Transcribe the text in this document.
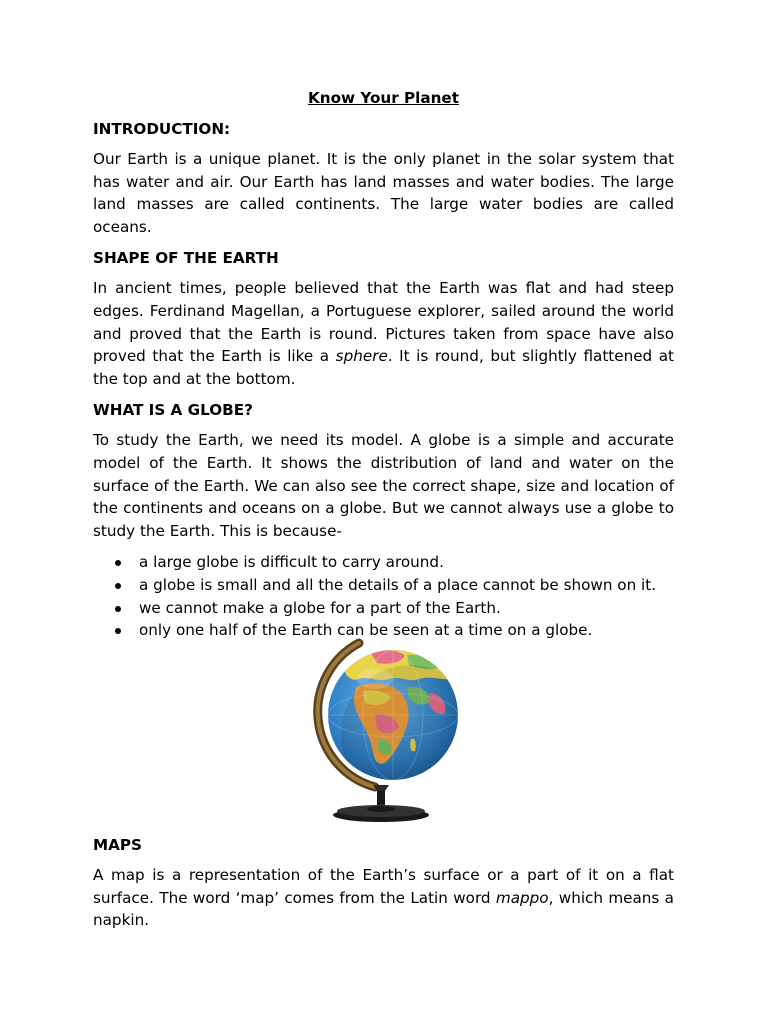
Know Your Planet
INTRODUCTION:
Our Earth is a unique planet. It is the only planet in the solar system that has water and air. Our Earth has land masses and water bodies. The large land masses are called continents. The large water bodies are called oceans.
SHAPE OF THE EARTH
In ancient times, people believed that the Earth was flat and had steep edges. Ferdinand Magellan, a Portuguese explorer, sailed around the world and proved that the Earth is round. Pictures taken from space have also proved that the Earth is like a sphere. It is round, but slightly flattened at the top and at the bottom.
WHAT IS A GLOBE?
To study the Earth, we need its model. A globe is a simple and accurate model of the Earth. It shows the distribution of land and water on the surface of the Earth. We can also see the correct shape, size and location of the continents and oceans on a globe. But we cannot always use a globe to study the Earth. This is because-
a large globe is difficult to carry around.
a globe is small and all the details of a place cannot be shown on it.
we cannot make a globe for a part of the Earth.
only one half of the Earth can be seen at a time on a globe.
MAPS
A map is a representation of the Earth’s surface or a part of it on a flat surface. The word ‘map’ comes from the Latin word mappo, which means a napkin.
